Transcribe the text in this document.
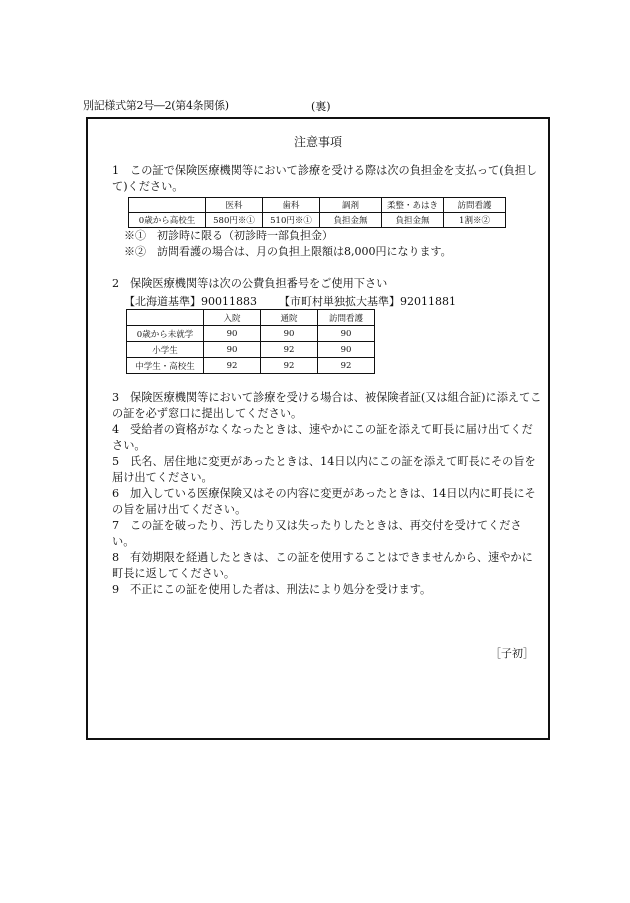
別記様式第2号―2(第4条関係)	(裏)
注意事項
1 この証で保険医療機関等において診療を受ける際は次の負担金を支払って(負担して)ください。
	医科	歯科	調剤	柔整・あはき	訪問看護
0歳から高校生	580円※①	510円※①	負担金無	負担金無	1割※②
※①　初診時に限る（初診時一部負担金）
※②　訪問看護の場合は、月の負担上限額は8,000円になります。
2 保険医療機関等は次の公費負担番号をご使用下さい
【北海道基準】90011883 【市町村単独拡大基準】92011881
	入院	通院	訪問看護
0歳から未就学	90	90	90
小学生	90	92	90
中学生・高校生	92	92	92
3 保険医療機関等において診療を受ける場合は、被保険者証(又は組合証)に添えてこの証を必ず窓口に提出してください。
4 受給者の資格がなくなったときは、速やかにこの証を添えて町長に届け出てください。
5 氏名、居住地に変更があったときは、14日以内にこの証を添えて町長にその旨を届け出てください。
6 加入している医療保険又はその内容に変更があったときは、14日以内に町長にその旨を届け出てください。
7 この証を破ったり、汚したり又は失ったりしたときは、再交付を受けてください。
8 有効期限を経過したときは、この証を使用することはできませんから、速やかに町長に返してください。
9 不正にこの証を使用した者は、刑法により処分を受けます。
［子初］
